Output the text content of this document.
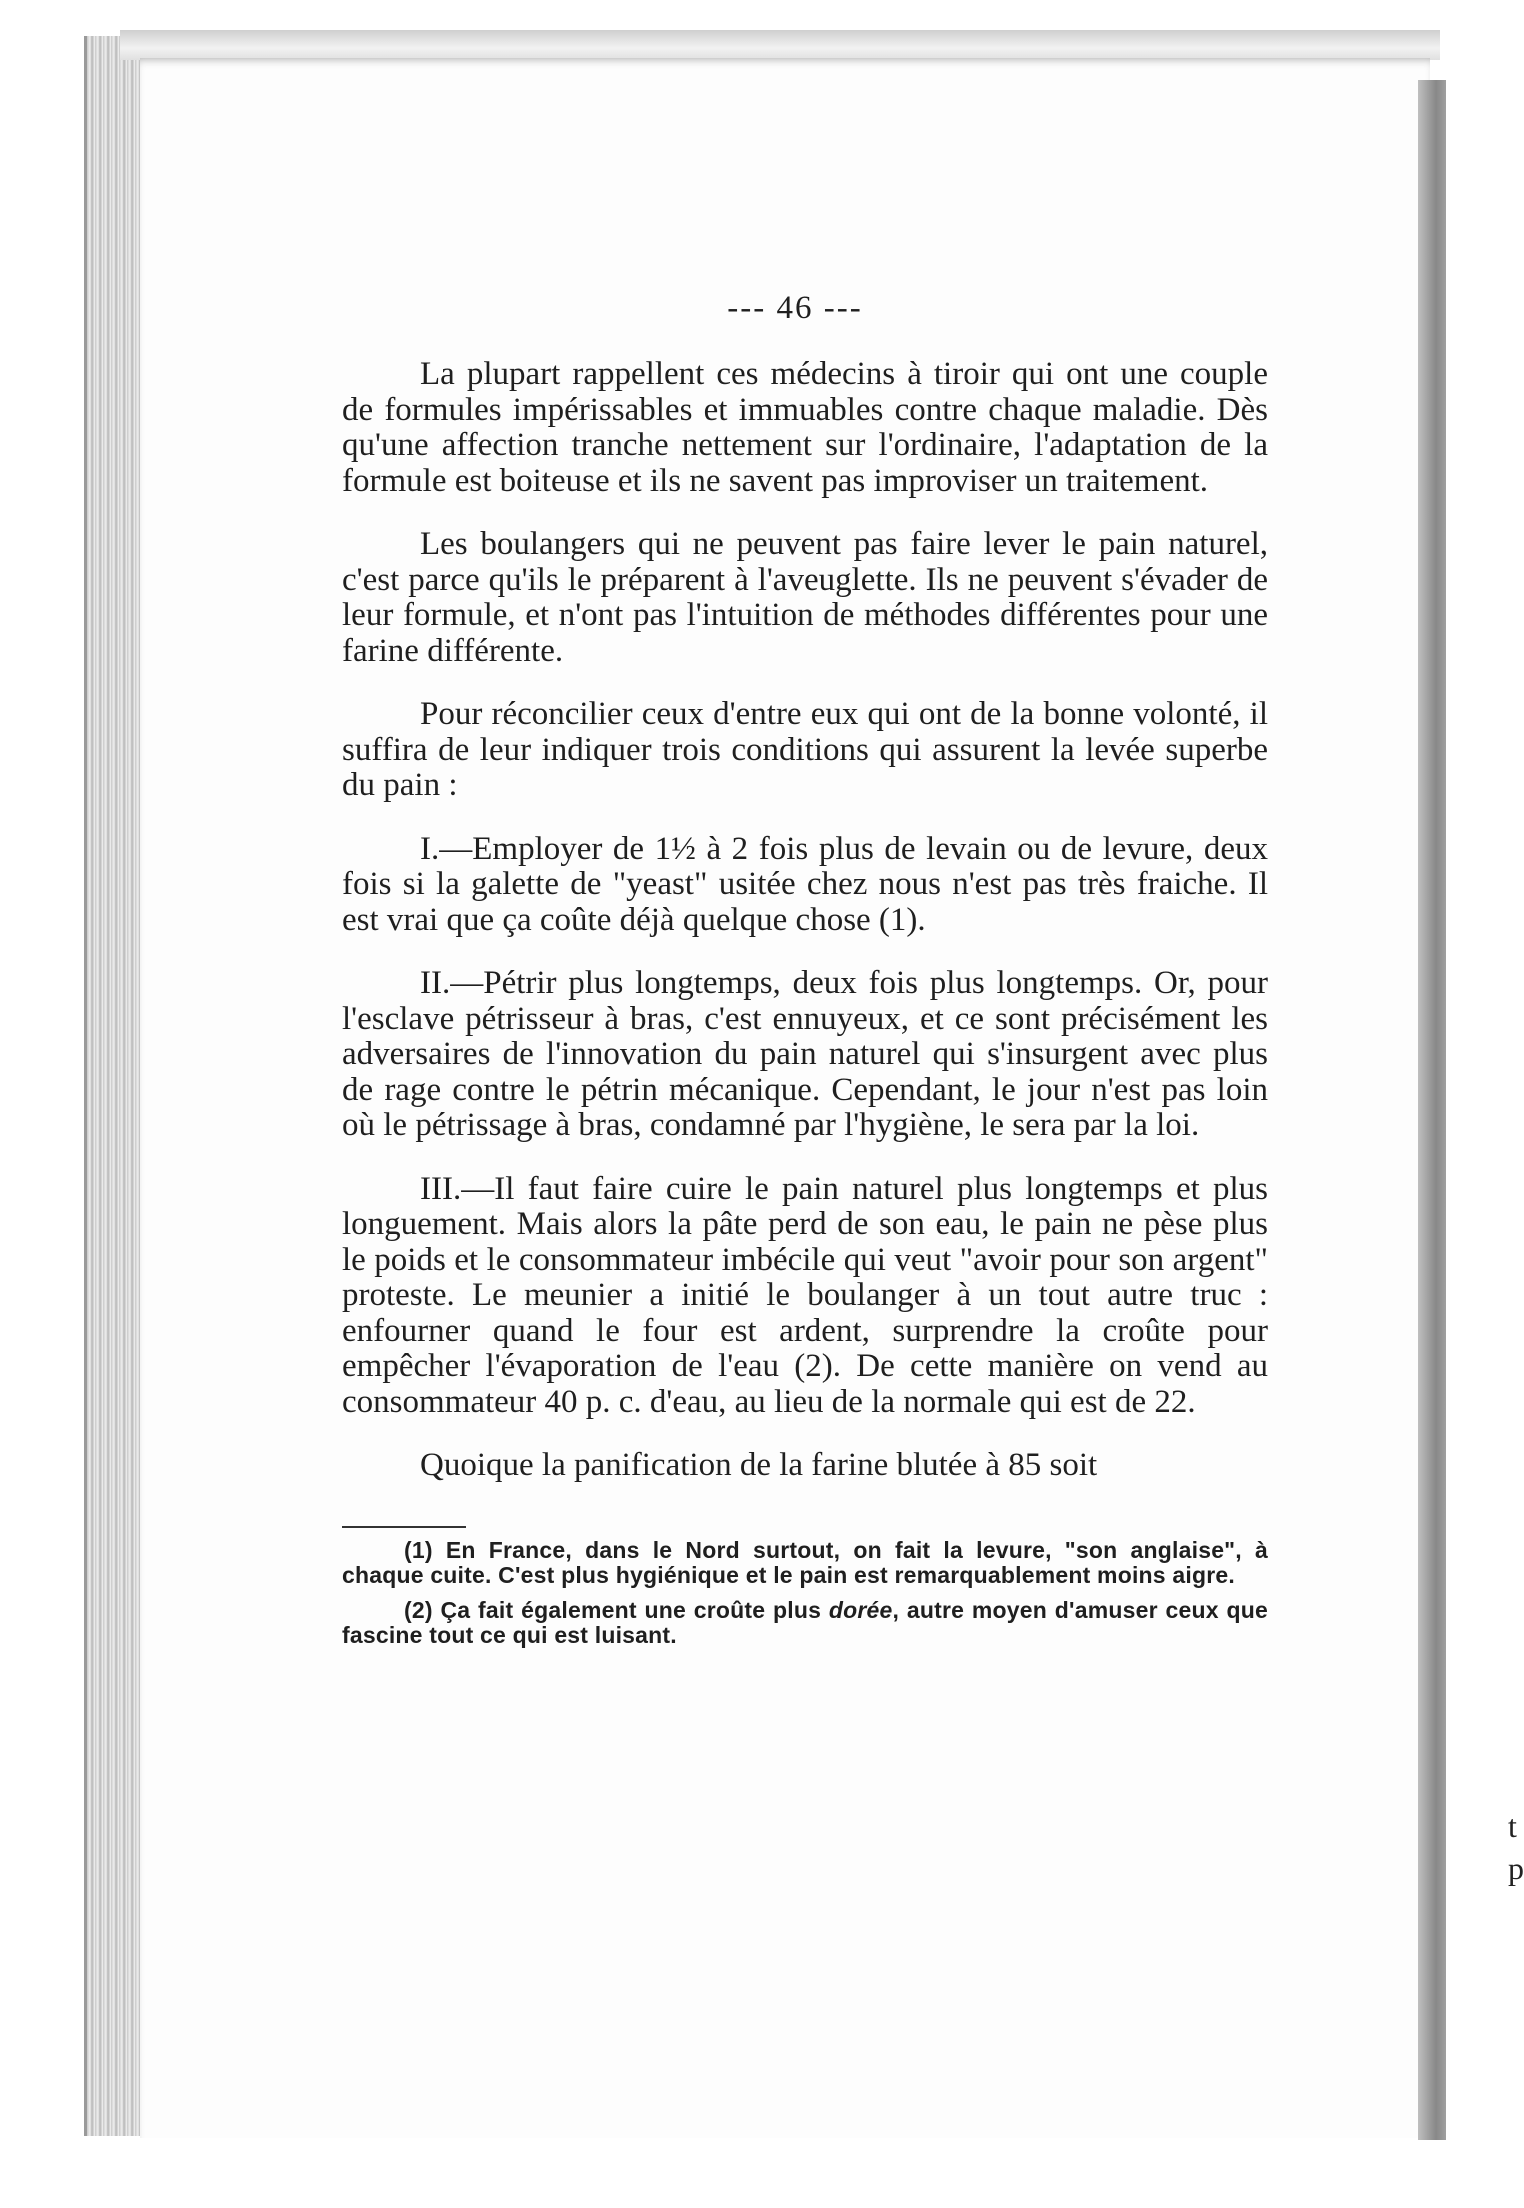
t
p
--- 46 ---

La plupart rappellent ces médecins à tiroir qui ont une couple de formules impérissables et immuables contre chaque maladie. Dès qu'une affection tranche nettement sur l'ordinaire, l'adaptation de la formule est boiteuse et ils ne savent pas improviser un traitement.

Les boulangers qui ne peuvent pas faire lever le pain naturel, c'est parce qu'ils le préparent à l'aveuglette. Ils ne peuvent s'évader de leur formule, et n'ont pas l'intuition de méthodes différentes pour une farine différente.

Pour réconcilier ceux d'entre eux qui ont de la bonne volonté, il suffira de leur indiquer trois conditions qui assurent la levée superbe du pain :

I.—Employer de 1½ à 2 fois plus de levain ou de levure, deux fois si la galette de "yeast" usitée chez nous n'est pas très fraiche. Il est vrai que ça coûte déjà quelque chose (1).

II.—Pétrir plus longtemps, deux fois plus longtemps. Or, pour l'esclave pétrisseur à bras, c'est ennuyeux, et ce sont précisément les adversaires de l'innovation du pain naturel qui s'insurgent avec plus de rage contre le pétrin mécanique. Cependant, le jour n'est pas loin où le pétrissage à bras, condamné par l'hygiène, le sera par la loi.

III.—Il faut faire cuire le pain naturel plus longtemps et plus longuement. Mais alors la pâte perd de son eau, le pain ne pèse plus le poids et le consommateur imbécile qui veut "avoir pour son argent" proteste. Le meunier a initié le boulanger à un tout autre truc : enfourner quand le four est ardent, surprendre la croûte pour empêcher l'évaporation de l'eau (2). De cette manière on vend au consommateur 40 p. c. d'eau, au lieu de la normale qui est de 22.

Quoique la panification de la farine blutée à 85 soit

(1) En France, dans le Nord surtout, on fait la levure, "son anglaise", à chaque cuite. C'est plus hygiénique et le pain est remarquablement moins aigre.

(2) Ça fait également une croûte plus dorée, autre moyen d'amuser ceux que fascine tout ce qui est luisant.
